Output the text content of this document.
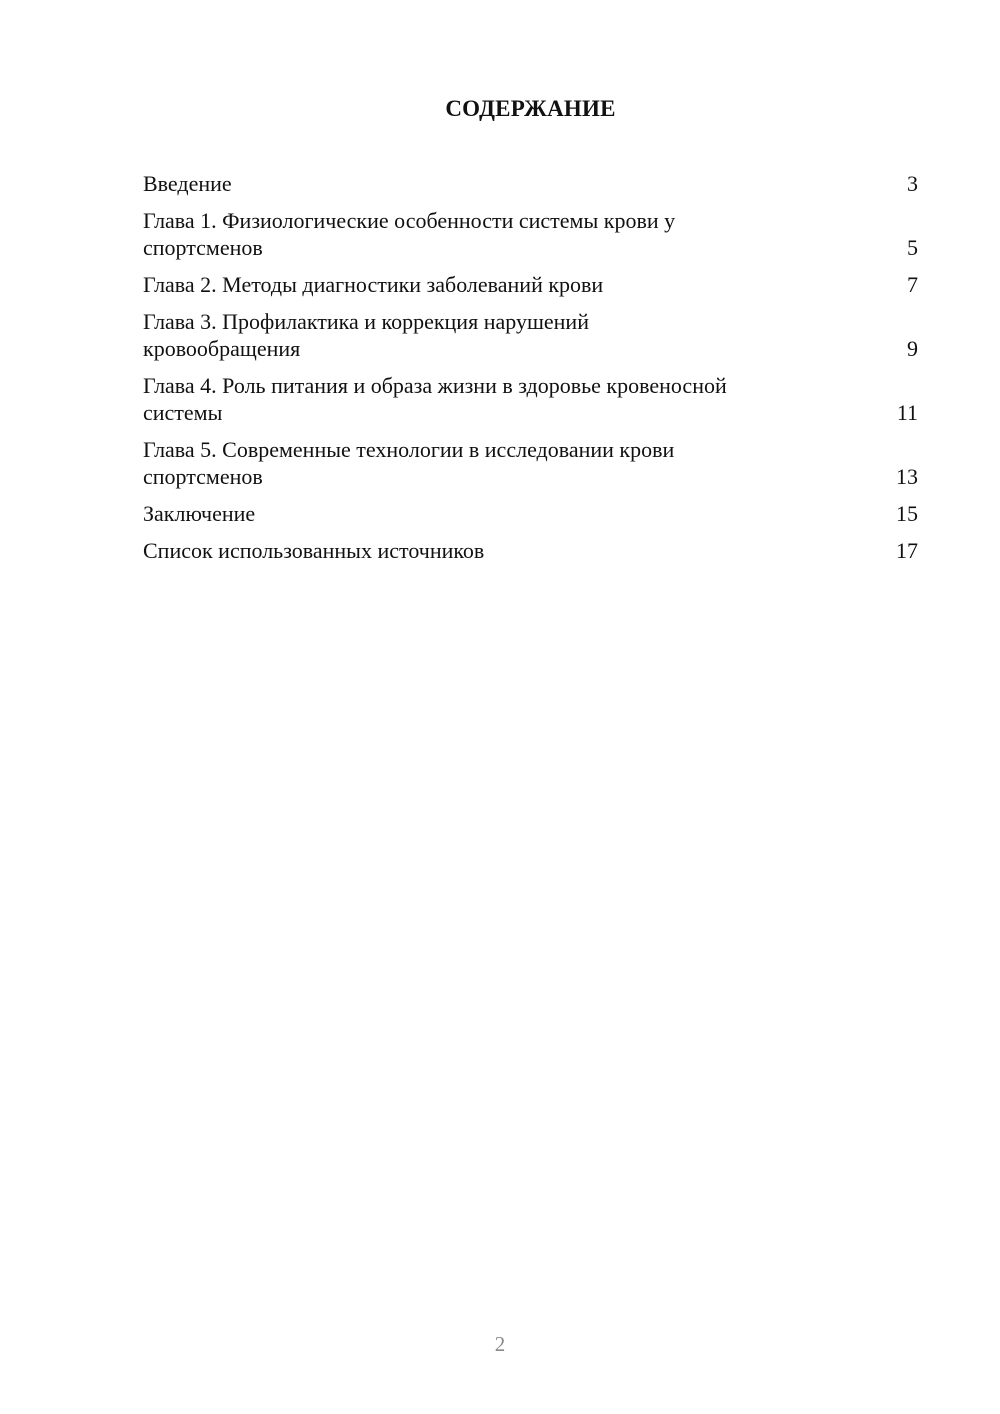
СОДЕРЖАНИЕ
Введение	3
Глава 1. Физиологические особенности системы крови у
спортсменов	5
Глава 2. Методы диагностики заболеваний крови	7
Глава 3. Профилактика и коррекция нарушений
кровообращения	9
Глава 4. Роль питания и образа жизни в здоровье кровеносной
системы	11
Глава 5. Современные технологии в исследовании крови
спортсменов	13
Заключение	15
Список использованных источников	17
2
